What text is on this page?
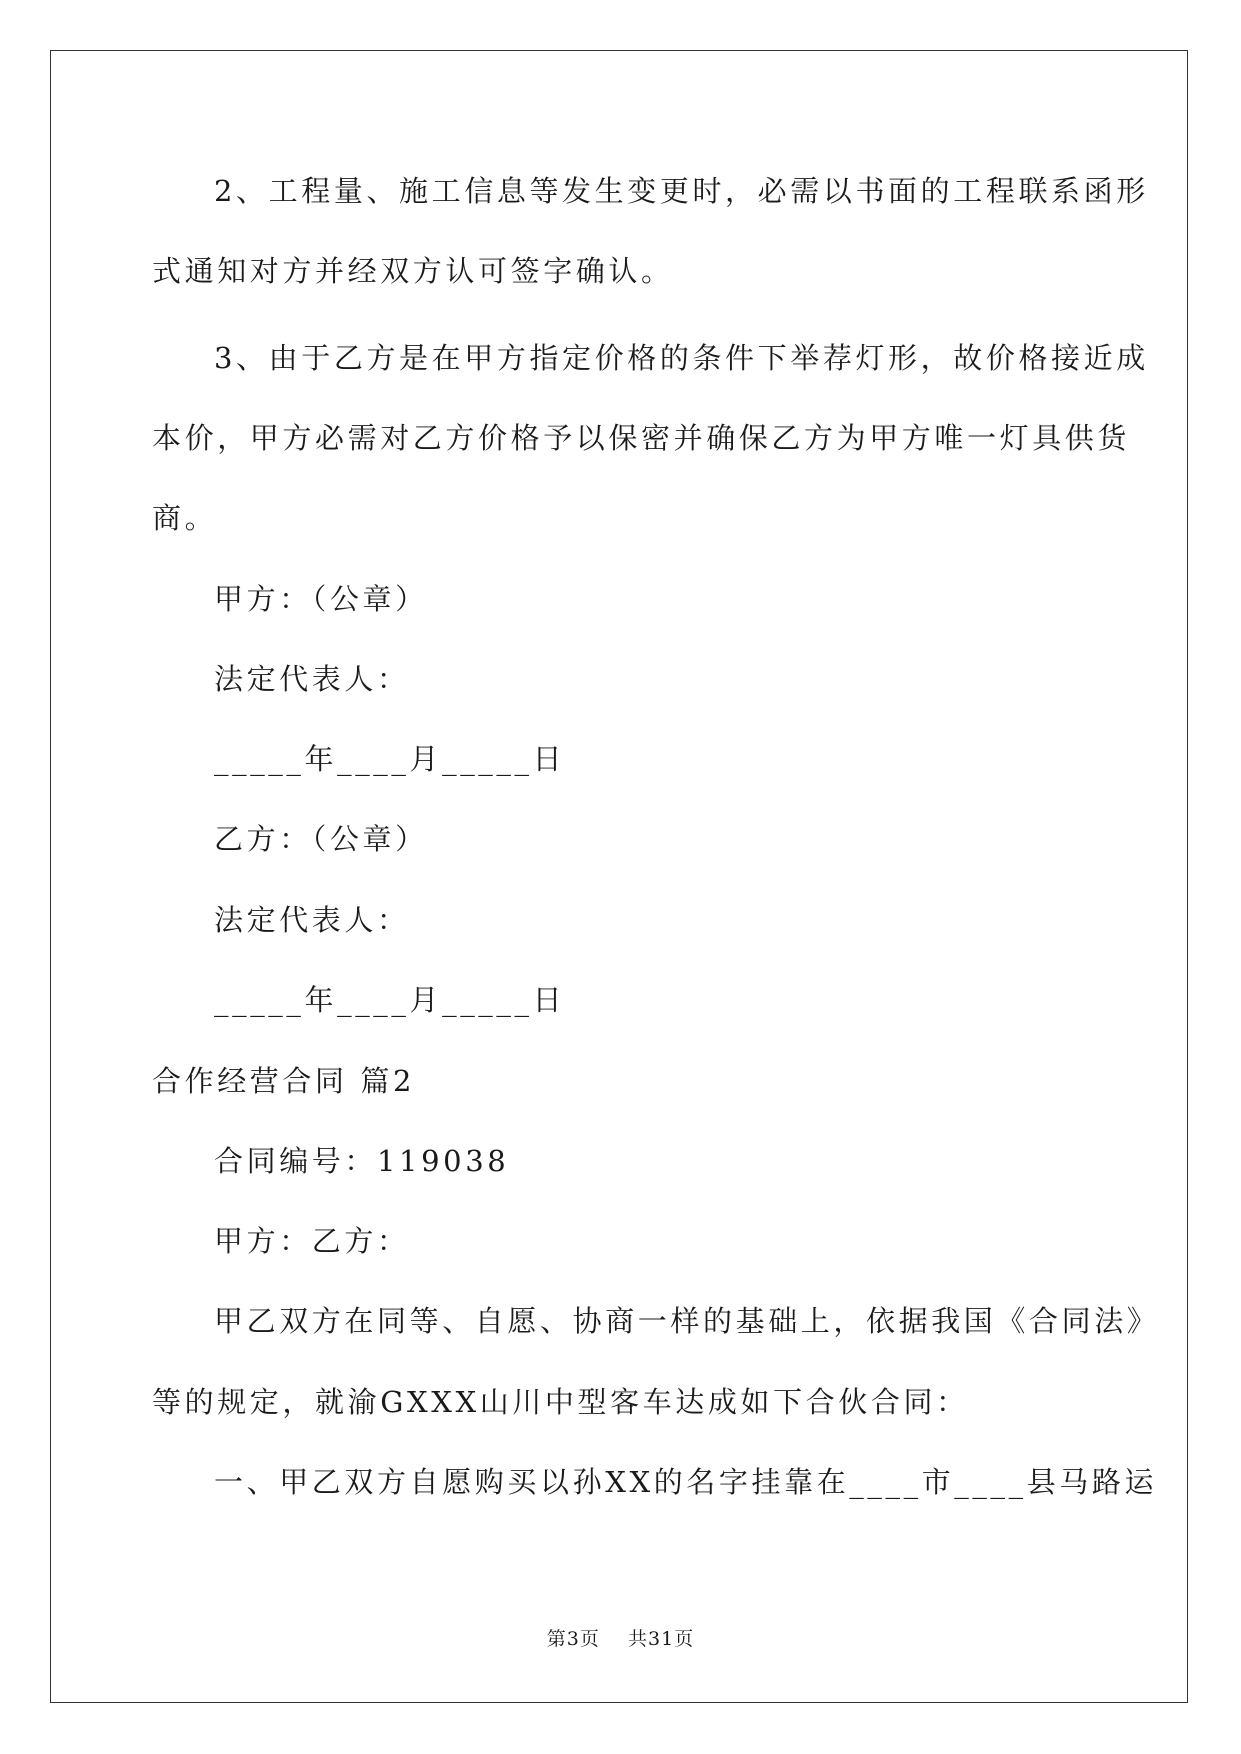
2、工程量、施工信息等发生变更时，必需以书面的工程联系函形
式通知对方并经双方认可签字确认。
3、由于乙方是在甲方指定价格的条件下举荐灯形，故价格接近成
本价，甲方必需对乙方价格予以保密并确保乙方为甲方唯一灯具供货
商。
甲方：（公章）
法定代表人：
_____年____月_____日
乙方：（公章）
法定代表人：
_____年____月_____日
合作经营合同 篇2
合同编号：119038
甲方：乙方：
甲乙双方在同等、自愿、协商一样的基础上，依据我国《合同法》
等的规定，就渝GXXX山川中型客车达成如下合伙合同：
一、甲乙双方自愿购买以孙XX的名字挂靠在____市____县马路运
第3页    共31页
